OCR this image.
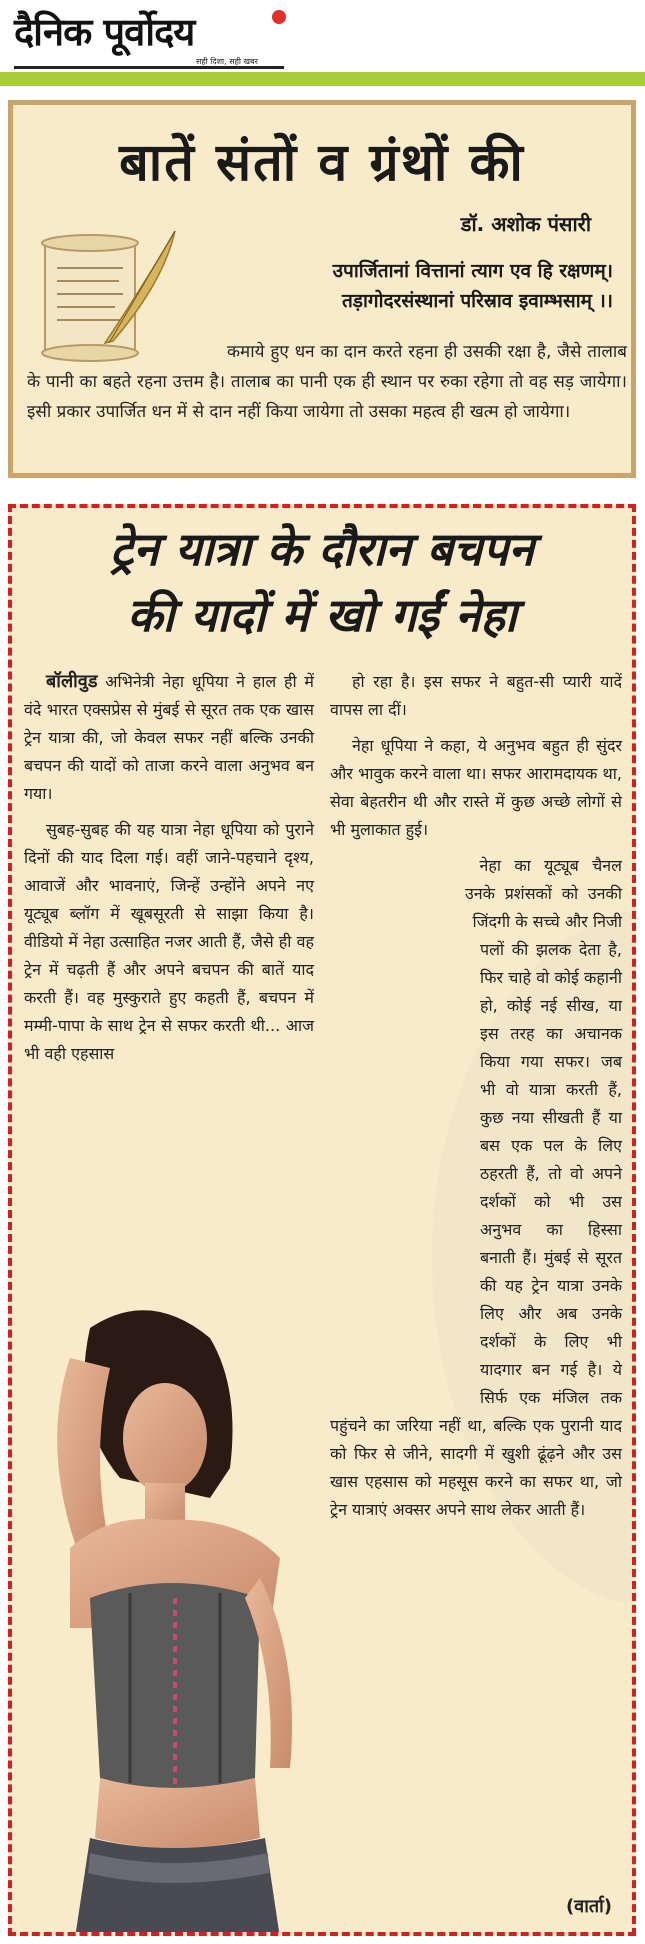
दैनिक पूर्वोदय
सही दिशा, सही खबर
बातें संतों व ग्रंथों की
डॉ. अशोक पंसारी
उपार्जितानां वित्तानां त्याग एव हि रक्षणम्।
तड़ागोदरसंस्थानां परिस्राव इवाम्भसाम् ।।
कमाये हुए धन का दान करते रहना ही उसकी रक्षा है, जैसे तालाब के पानी का बहते रहना उत्तम है। तालाब का पानी एक ही स्थान पर रुका रहेगा तो वह सड़ जायेगा। इसी प्रकार उपार्जित धन में से दान नहीं किया जायेगा तो उसका महत्व ही खत्म हो जायेगा।
ट्रेन यात्रा के दौरान बचपन
की यादों में खो गईं नेहा

बॉलीवुड अभिनेत्री नेहा धूपिया ने हाल ही में वंदे भारत एक्सप्रेस से मुंबई से सूरत तक एक खास ट्रेन यात्रा की, जो केवल सफर नहीं बल्कि उनकी बचपन की यादों को ताजा करने वाला अनुभव बन गया।

सुबह-सुबह की यह यात्रा नेहा धूपिया को पुराने दिनों की याद दिला गई। वहीं जाने-पहचाने दृश्य, आवाजें और भावनाएं, जिन्हें उन्होंने अपने नए यूट्यूब ब्लॉग में खूबसूरती से साझा किया है। वीडियो में नेहा उत्साहित नजर आती हैं, जैसे ही वह ट्रेन में चढ़ती हैं और अपने बचपन की बातें याद करती हैं। वह मुस्कुराते हुए कहती हैं, बचपन में मम्मी-पापा के साथ ट्रेन से सफर करती थी... आज भी वही एहसास

हो रहा है। इस सफर ने बहुत-सी प्यारी यादें वापस ला दीं।

नेहा धूपिया ने कहा, ये अनुभव बहुत ही सुंदर और भावुक करने वाला था। सफर आरामदायक था, सेवा बेहतरीन थी और रास्ते में कुछ अच्छे लोगों से भी मुलाकात हुई।

नेहा का यूट्यूब चैनल उनके प्रशंसकों को उनकी जिंदगी के सच्चे और निजी पलों की झलक देता है, फिर चाहे वो कोई कहानी हो, कोई नई सीख, या इस तरह का अचानक किया गया सफर। जब भी वो यात्रा करती हैं, कुछ नया सीखती हैं या बस एक पल के लिए ठहरती हैं, तो वो अपने दर्शकों को भी उस अनुभव का हिस्सा बनाती हैं। मुंबई से सूरत की यह ट्रेन यात्रा उनके लिए और अब उनके दर्शकों के लिए भी यादगार बन गई है। ये सिर्फ एक मंजिल तक पहुंचने का जरिया नहीं था, बल्कि एक पुरानी याद को फिर से जीने, सादगी में खुशी ढूंढ़ने और उस खास एहसास को महसूस करने का सफर था, जो ट्रेन यात्राएं अक्सर अपने साथ लेकर आती हैं।

(वार्ता)
